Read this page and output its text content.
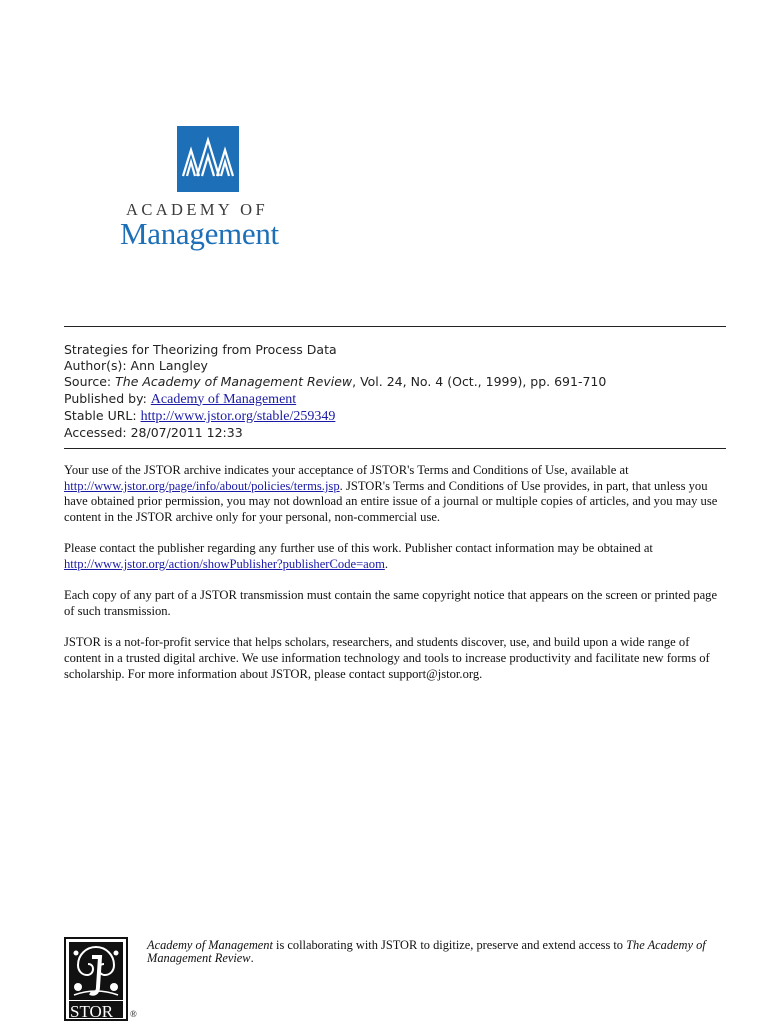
ACADEMY OF
Management
Strategies for Theorizing from Process Data
Author(s): Ann Langley
Source: The Academy of Management Review, Vol. 24, No. 4 (Oct., 1999), pp. 691-710
Published by: Academy of Management
Stable URL: http://www.jstor.org/stable/259349
Accessed: 28/07/2011 12:33

Your use of the JSTOR archive indicates your acceptance of JSTOR's Terms and Conditions of Use, available at http://www.jstor.org/page/info/about/policies/terms.jsp. JSTOR's Terms and Conditions of Use provides, in part, that unless you have obtained prior permission, you may not download an entire issue of a journal or multiple copies of articles, and you may use content in the JSTOR archive only for your personal, non-commercial use.

Please contact the publisher regarding any further use of this work. Publisher contact information may be obtained at http://www.jstor.org/action/showPublisher?publisherCode=aom.

Each copy of any part of a JSTOR transmission must contain the same copyright notice that appears on the screen or printed page of such transmission.

JSTOR is a not-for-profit service that helps scholars, researchers, and students discover, use, and build upon a wide range of content in a trusted digital archive. We use information technology and tools to increase productivity and facilitate new forms of scholarship. For more information about JSTOR, please contact support@jstor.org.

STOR ®
Academy of Management is collaborating with JSTOR to digitize, preserve and extend access to The Academy of Management Review.
